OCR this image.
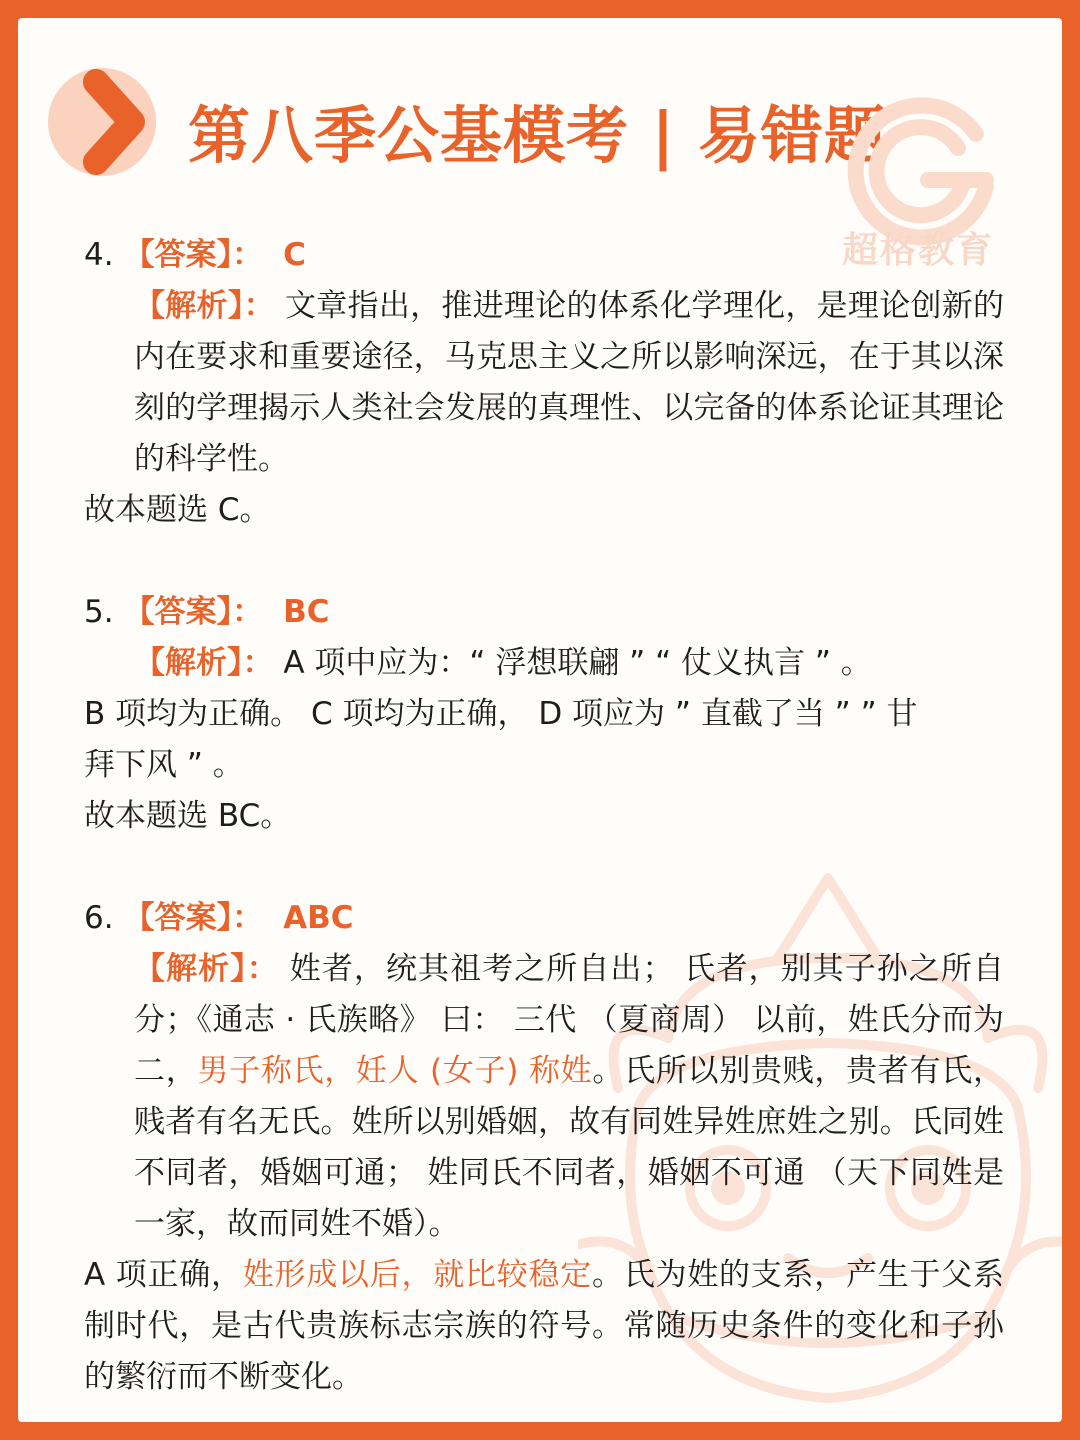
第八季公基模考 | 易错题
超格教育
4. 【答案】： C
【解析】： 文章指出，推进理论的体系化学理化，是理论创新的内在要求和重要途径，马克思主义之所以影响深远，在于其以深刻的学理揭示人类社会发展的真理性、以完备的体系论证其理论的科学性。
故本题选 C。
5. 【答案】： BC
【解析】： A 项中应为：“ 浮想联翩 ” “ 仗义执言 ” 。
B 项均为正确。 C 项均为正确， D 项应为 ” 直截了当 ” ” 甘
拜下风 ” 。
故本题选 BC。
6. 【答案】： ABC
【解析】： 姓者，统其祖考之所自出； 氏者，别其子孙之所自分；《通志 · 氏族略》 曰： 三代 （夏商周） 以前，姓氏分而为二，男子称氏，妊人 (女子) 称姓。氏所以别贵贱，贵者有氏，贱者有名无氏。姓所以别婚姻，故有同姓异姓庶姓之别。氏同姓不同者，婚姻可通； 姓同氏不同者，婚姻不可通 （天下同姓是一家，故而同姓不婚）。
A 项正确，姓形成以后，就比较稳定。氏为姓的支系，产生于父系制时代，是古代贵族标志宗族的符号。常随历史条件的变化和子孙的繁衍而不断变化。
